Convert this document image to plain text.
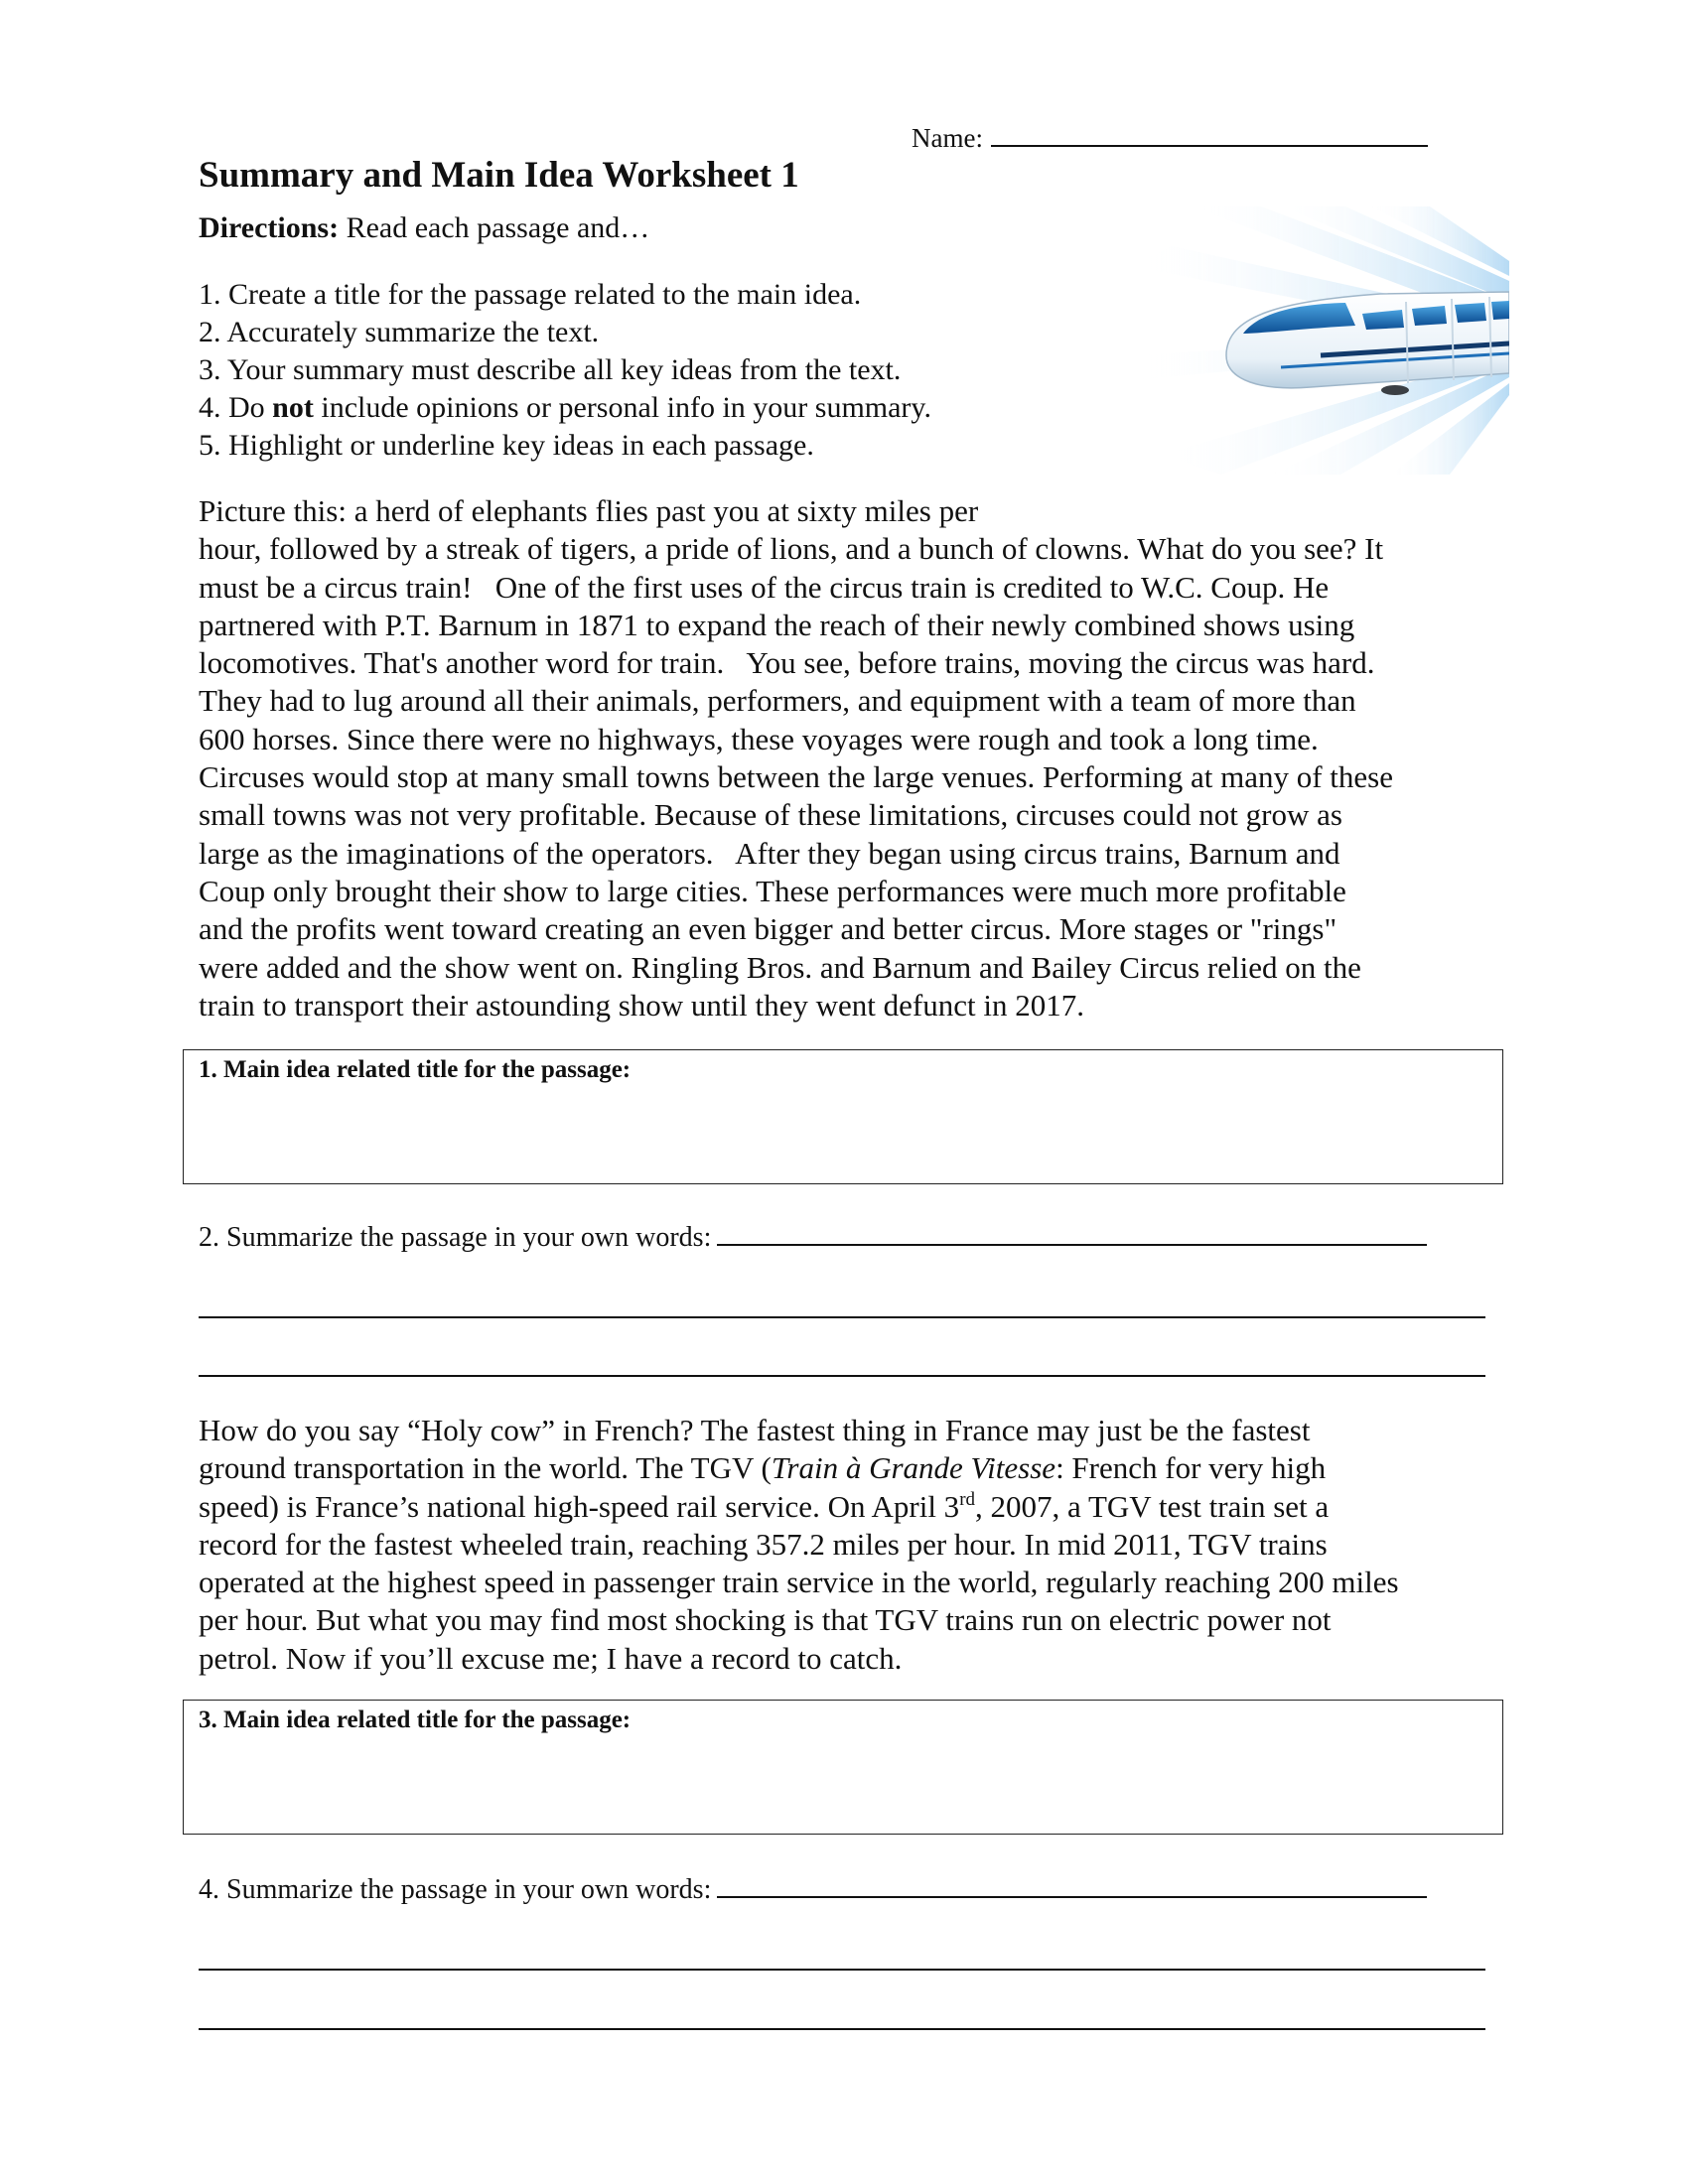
Name:
Summary and Main Idea Worksheet 1
Directions: Read each passage and…
1. Create a title for the passage related to the main idea.
2. Accurately summarize the text.
3. Your summary must describe all key ideas from the text.
4. Do not include opinions or personal info in your summary.
5. Highlight or underline key ideas in each passage.
Picture this: a herd of elephants flies past you at sixty miles per
hour, followed by a streak of tigers, a pride of lions, and a bunch of clowns. What do you see? It
must be a circus train!   One of the first uses of the circus train is credited to W.C. Coup. He
partnered with P.T. Barnum in 1871 to expand the reach of their newly combined shows using
locomotives. That's another word for train.   You see, before trains, moving the circus was hard.
They had to lug around all their animals, performers, and equipment with a team of more than
600 horses. Since there were no highways, these voyages were rough and took a long time.
Circuses would stop at many small towns between the large venues. Performing at many of these
small towns was not very profitable. Because of these limitations, circuses could not grow as
large as the imaginations of the operators.   After they began using circus trains, Barnum and
Coup only brought their show to large cities. These performances were much more profitable
and the profits went toward creating an even bigger and better circus. More stages or "rings"
were added and the show went on. Ringling Bros. and Barnum and Bailey Circus relied on the
train to transport their astounding show until they went defunct in 2017.
1. Main idea related title for the passage:
2. Summarize the passage in your own words:
How do you say “Holy cow” in French? The fastest thing in France may just be the fastest
ground transportation in the world. The TGV (Train à Grande Vitesse: French for very high
speed) is France’s national high-speed rail service. On April 3rd, 2007, a TGV test train set a
record for the fastest wheeled train, reaching 357.2 miles per hour. In mid 2011, TGV trains
operated at the highest speed in passenger train service in the world, regularly reaching 200 miles
per hour. But what you may find most shocking is that TGV trains run on electric power not
petrol. Now if you’ll excuse me; I have a record to catch.
3. Main idea related title for the passage:
4. Summarize the passage in your own words:
